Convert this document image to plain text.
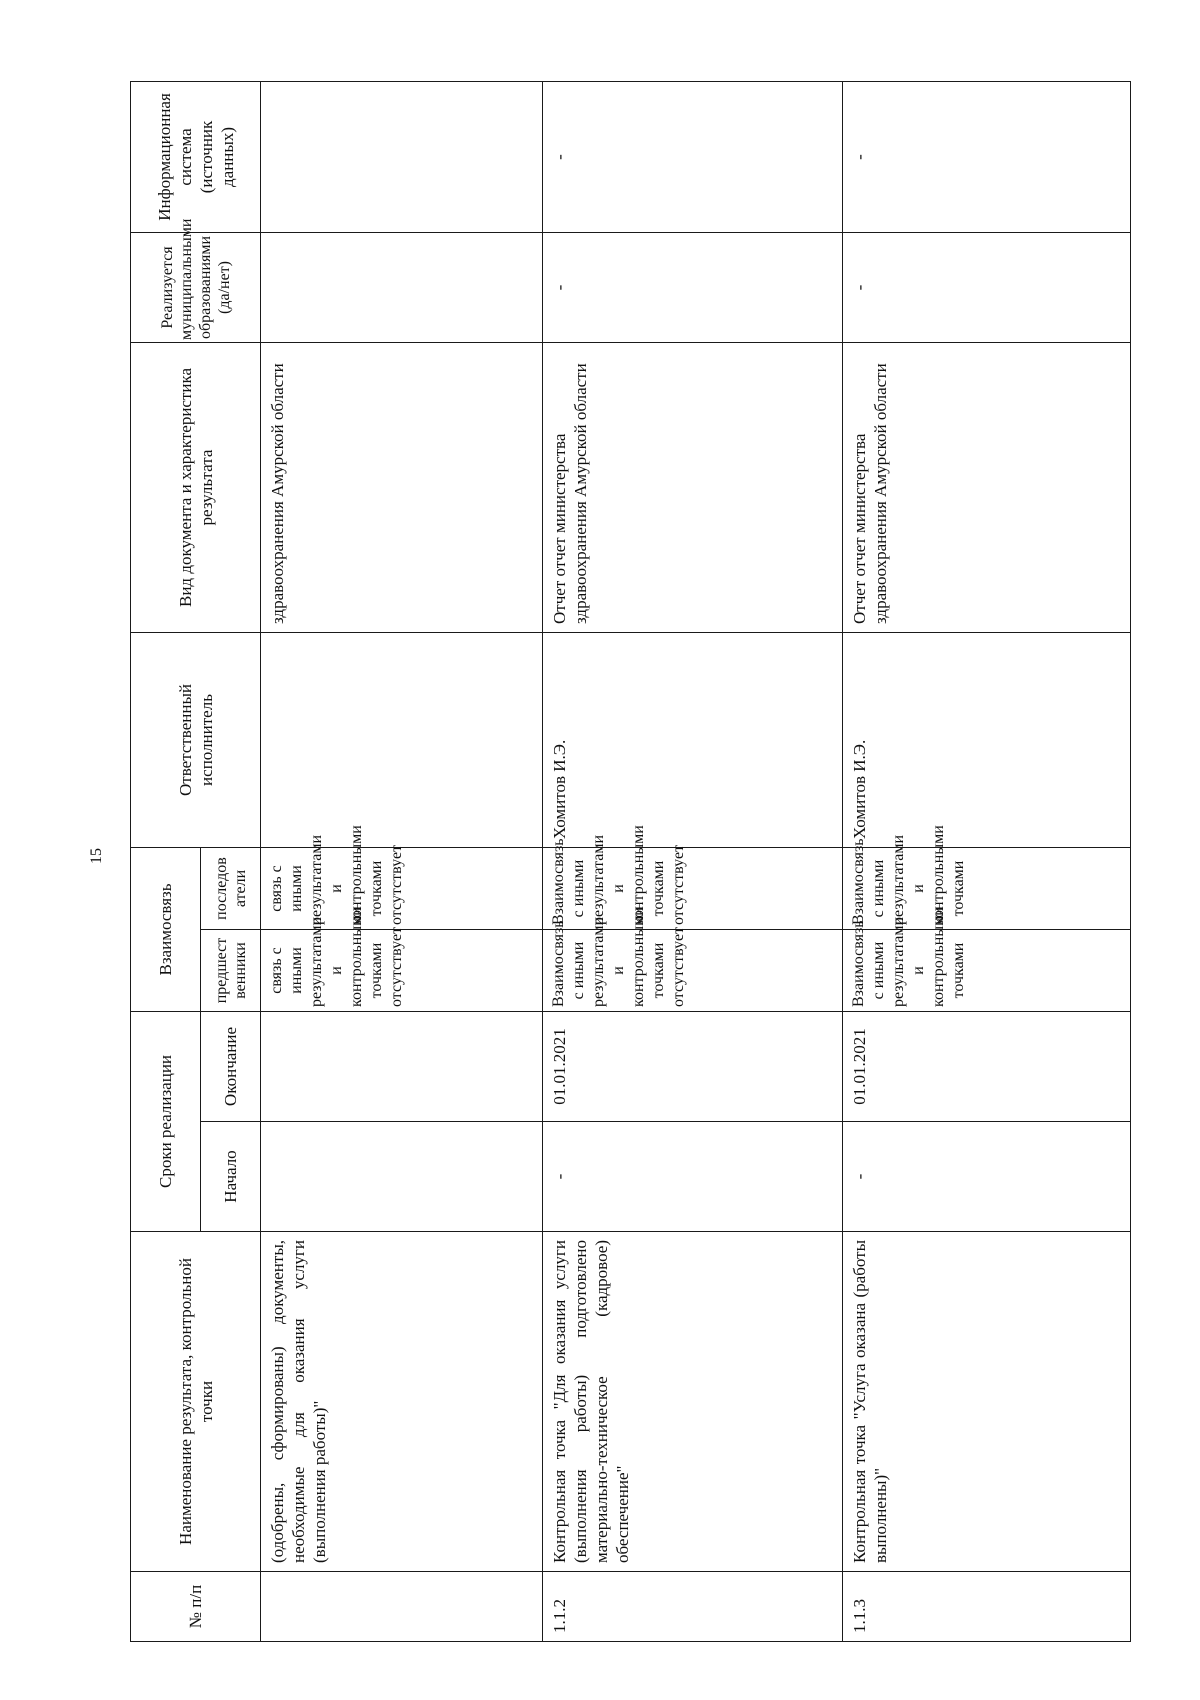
15
№ п/п	Наименование результата, контрольной точки	Сроки реализации		Взаимосвязь		Ответственный исполнитель	Вид документа и характеристика результата	Реализуется муниципальными образованиями (да/нет)	Информационная система (источник данных)
		Начало	Окончание	предшест венники	последов атели				
	(одобрены, сформированы) документы, необходимые для оказания услуги (выполнения работы)"			связь с иными результатами и контрольными точками отсутствует	связь с иными результатами и контрольными точками отсутствует		здравоохранения Амурской области		
1.1.2	Контрольная точка "Для оказания услуги (выполнения работы) подготовлено материально-техническое (кадровое) обеспечение"	-	01.01.2021	Взаимосвязь с иными результатами и контрольными точками отсутствует	Взаимосвязь с иными результатами и контрольными точками отсутствует	Хомитов И.Э.	Отчет отчет министерства здравоохранения Амурской области	-	-
1.1.3	Контрольная точка "Услуга оказана (работы выполнены)"	-	01.01.2021	Взаимосвязь с иными результатами и контрольными точками	Взаимосвязь с иными результатами и контрольными точками	Хомитов И.Э.	Отчет отчет министерства здравоохранения Амурской области	-	-
